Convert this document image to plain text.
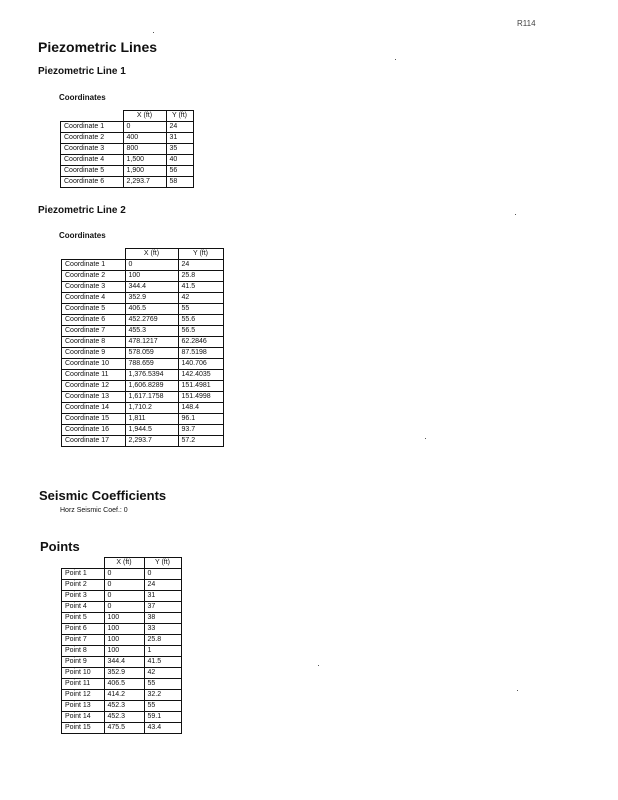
R114
Piezometric Lines
Piezometric Line 1
Coordinates
	X (ft)	Y (ft)
Coordinate 1	0	24
Coordinate 2	400	31
Coordinate 3	800	35
Coordinate 4	1,500	40
Coordinate 5	1,900	56
Coordinate 6	2,293.7	58
Piezometric Line 2
Coordinates
	X (ft)	Y (ft)
Coordinate 1	0	24
Coordinate 2	100	25.8
Coordinate 3	344.4	41.5
Coordinate 4	352.9	42
Coordinate 5	406.5	55
Coordinate 6	452.2769	55.6
Coordinate 7	455.3	56.5
Coordinate 8	478.1217	62.2846
Coordinate 9	578.059	87.5198
Coordinate 10	788.659	140.706
Coordinate 11	1,376.5394	142.4035
Coordinate 12	1,606.8289	151.4981
Coordinate 13	1,617.1758	151.4998
Coordinate 14	1,710.2	148.4
Coordinate 15	1,811	96.1
Coordinate 16	1,944.5	93.7
Coordinate 17	2,293.7	57.2
Seismic Coefficients
Horz Seismic Coef.: 0
Points
	X (ft)	Y (ft)
Point 1	0	0
Point 2	0	24
Point 3	0	31
Point 4	0	37
Point 5	100	38
Point 6	100	33
Point 7	100	25.8
Point 8	100	1
Point 9	344.4	41.5
Point 10	352.9	42
Point 11	406.5	55
Point 12	414.2	32.2
Point 13	452.3	55
Point 14	452.3	59.1
Point 15	475.5	43.4
